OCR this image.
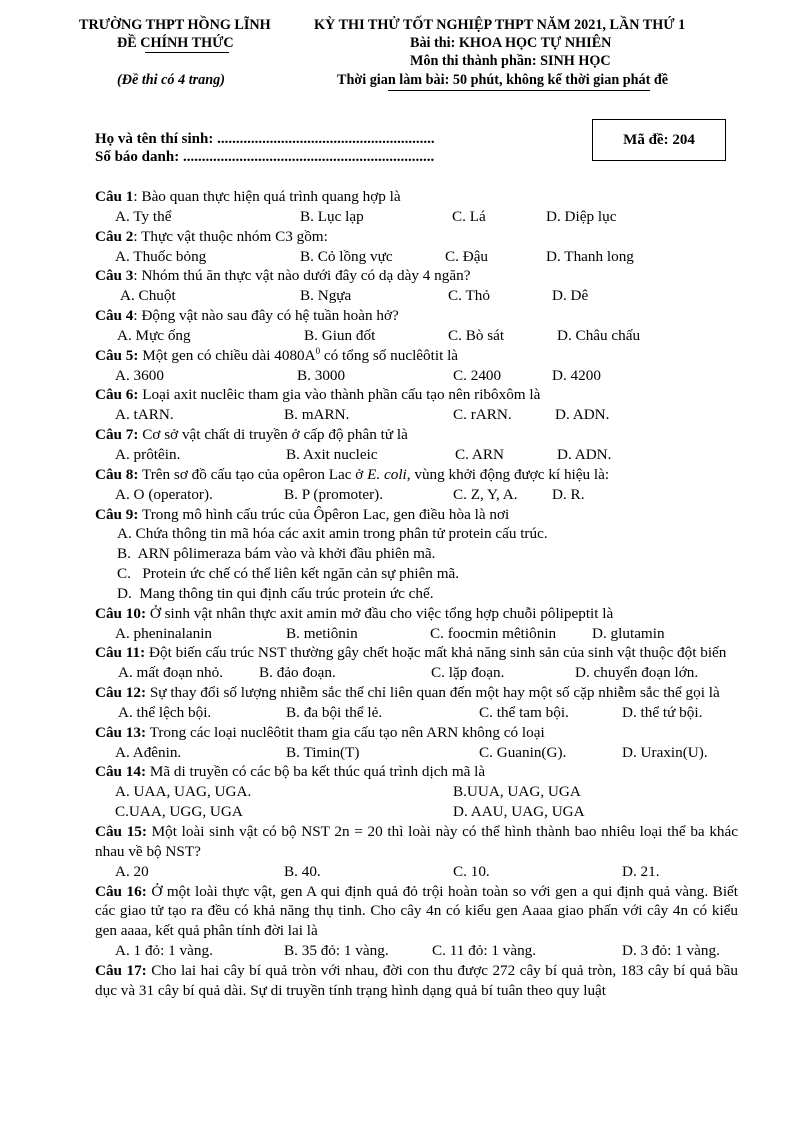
TRƯỜNG THPT HỒNG LĨNH
ĐỀ CHÍNH THỨC
(Đề thi có 4 trang)
KỲ THI THỬ TỐT NGHIỆP THPT NĂM 2021, LẦN THỨ 1
Bài thi: KHOA HỌC TỰ NHIÊN
Môn thi thành phần: SINH HỌC
Thời gian làm bài: 50 phút, không kể thời gian phát đề
Họ và tên thí sinh: ..........................................................
Số báo danh: ...................................................................
Mã đề: 204
Câu 1: Bào quan thực hiện quá trình quang hợp là
A. Ty thể	B. Lục lạp	C. Lá	D. Diệp lục
Câu 2: Thực vật thuộc nhóm C3 gồm:
A. Thuốc bỏng	B. Cỏ lồng vực	C. Đậu	D. Thanh long
Câu 3: Nhóm thú ăn thực vật nào dưới đây có dạ dày 4 ngăn?
A. Chuột	B. Ngựa	C. Thỏ	D. Dê
Câu 4: Động vật nào sau đây có hệ tuần hoàn hở?
A. Mực ống	B. Giun đốt	C. Bò sát	D. Châu chấu
Câu 5: Một gen có chiều dài $4080A^0$ có tổng số nuclêôtit là
A. 3600	B. 3000	C. 2400	D. 4200
Câu 6: Loại axit nuclêic tham gia vào thành phần cấu tạo nên ribôxôm là
A. tARN.	B. mARN.	C. rARN.	D. ADN.
Câu 7: Cơ sở vật chất di truyền ở cấp độ phân tử là
A. prôtêin.	B. Axit nucleic	C. ARN	D. ADN.
Câu 8: Trên sơ đồ cấu tạo của opêron Lac ở E. coli, vùng khởi động được kí hiệu là:
A. O (operator).	B. P (promoter).	C. Z, Y, A. D. R.
Câu 9: Trong mô hình cấu trúc của Ôpêron Lac, gen điều hòa là nơi
A. Chứa thông tin mã hóa các axit amin trong phân tử protein cấu trúc.
B.  ARN pôlimeraza bám vào và khởi đầu phiên mã.
C.   Protein ức chế có thể liên kết ngăn cản sự phiên mã.
D.  Mang thông tin qui định cấu trúc protein ức chế.
Câu 10: Ở sinh vật nhân thực axit amin mở đầu cho việc tổng hợp chuỗi pôlipeptit là
A. pheninalanin	B. metiônin	C. foocmin mêtiônin D. glutamin
Câu 11: Đột biến cấu trúc NST thường gây chết hoặc mất khả năng sinh sản của sinh vật thuộc đột biến
A. mất đoạn nhỏ. B. đảo đoạn.	C. lặp đoạn.	D. chuyển đoạn lớn.
Câu 12: Sự thay đổi số lượng nhiễm sắc thể chỉ liên quan đến một hay một số cặp nhiễm sắc thể gọi là
A. thể lệch bội.	B. đa bội thể lẻ.	C. thể tam bội.	D. thể tứ bội.
Câu 13: Trong các loại nuclêôtit tham gia cấu tạo nên ARN không có loại
A. Ađênin.	B. Timin(T)	C. Guanin(G).	D. Uraxin(U).
Câu 14: Mã di truyền có các bộ ba kết thúc quá trình dịch mã là
A. UAA, UAG, UGA.	B.UUA, UAG, UGA
C.UAA, UGG, UGA	D. AAU, UAG, UGA
Câu 15: Một loài sinh vật có bộ NST 2n = 20 thì loài này có thể hình thành bao nhiêu loại thể ba khác nhau về bộ NST?
A. 20	B. 40.	C. 10.	D. 21.
Câu 16: Ở một loài thực vật, gen A qui định quả đỏ trội hoàn toàn so với gen a qui định quả vàng. Biết các giao tử tạo ra đều có khả năng thụ tinh. Cho cây 4n có kiểu gen Aaaa giao phấn với cây 4n có kiểu gen aaaa, kết quả phân tính đời lai là
A. 1 đỏ: 1 vàng.	B. 35 đỏ: 1 vàng.	C. 11 đỏ: 1 vàng.	D. 3 đỏ: 1 vàng.
Câu 17: Cho lai hai cây bí quả tròn với nhau, đời con thu được 272 cây bí quả tròn, 183 cây bí quả bầu dục và 31 cây bí quả dài. Sự di truyền tính trạng hình dạng quả bí tuân theo quy luật
